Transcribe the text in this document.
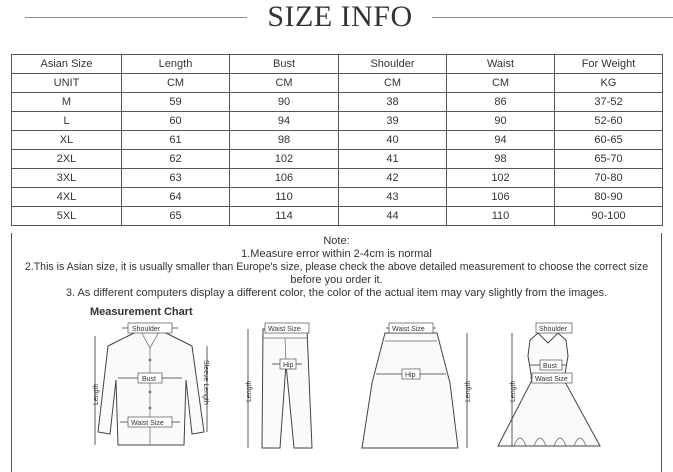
SIZE INFO
Asian Size	Length	Bust	Shoulder	Waist	For Weight
UNIT	CM	CM	CM	CM	KG
M	59	90	38	86	37-52
L	60	94	39	90	52-60
XL	61	98	40	94	60-65
2XL	62	102	41	98	65-70
3XL	63	106	42	102	70-80
4XL	64	110	43	106	80-90
5XL	65	114	44	110	90-100
Note:
1.Measure error within 2-4cm is normal
2.This is Asian size, it is usually smaller than Europe's size, please check the above detailed measurement to choose the correct size
before you order it.
3. As different computers display a different color, the color of the actual item may vary slightly from the images.
Measurement Chart
Shoulder
Bust
Length	Sleeve Length
Waist Size
Waist Size
Hip
Length
Waist Size
Hip
Length
Shoulder
Bust
Waist Size
Length
